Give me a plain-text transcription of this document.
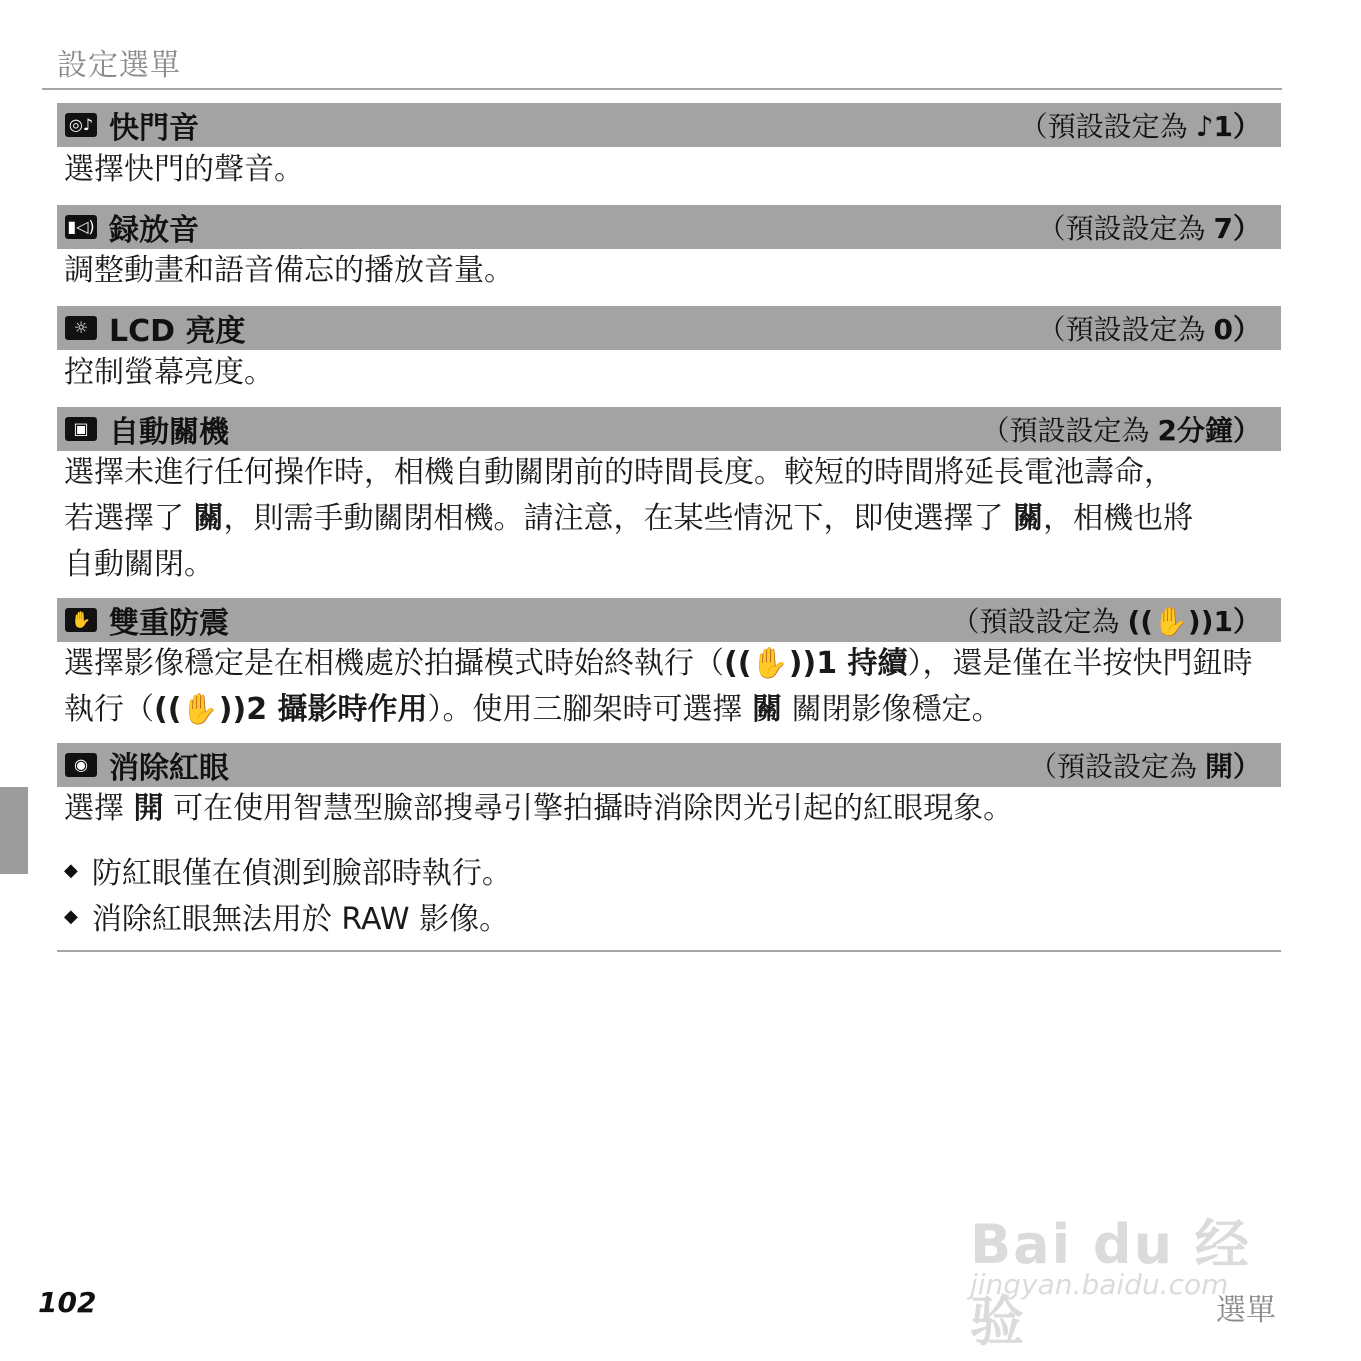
設定選單
◎♪ 快門音	（預設設定為 ♪1）
選擇快門的聲音。
▮◁) 録放音	（預設設定為 7）
調整動畫和語音備忘的播放音量。
☼ LCD 亮度	（預設設定為 0）
控制螢幕亮度。
▣ 自動關機	（預設設定為 2分鐘）
選擇未進行任何操作時，相機自動關閉前的時間長度。較短的時間將延長電池壽命，
若選擇了 關，則需手動關閉相機。請注意，在某些情況下，即使選擇了 關，相機也將
自動關閉。
✋ 雙重防震	（預設設定為 ((✋))1）
選擇影像穩定是在相機處於拍攝模式時始終執行（((✋))1 持續），還是僅在半按快門鈕時
執行（((✋))2 攝影時作用）。使用三腳架時可選擇 關 關閉影像穩定。
◉ 消除紅眼	（預設設定為 開）
選擇 開 可在使用智慧型臉部搜尋引擎拍攝時消除閃光引起的紅眼現象。
◆ 防紅眼僅在偵測到臉部時執行。
◆ 消除紅眼無法用於 RAW 影像。
Bai du 经验
jingyan.baidu.com
102	選單
